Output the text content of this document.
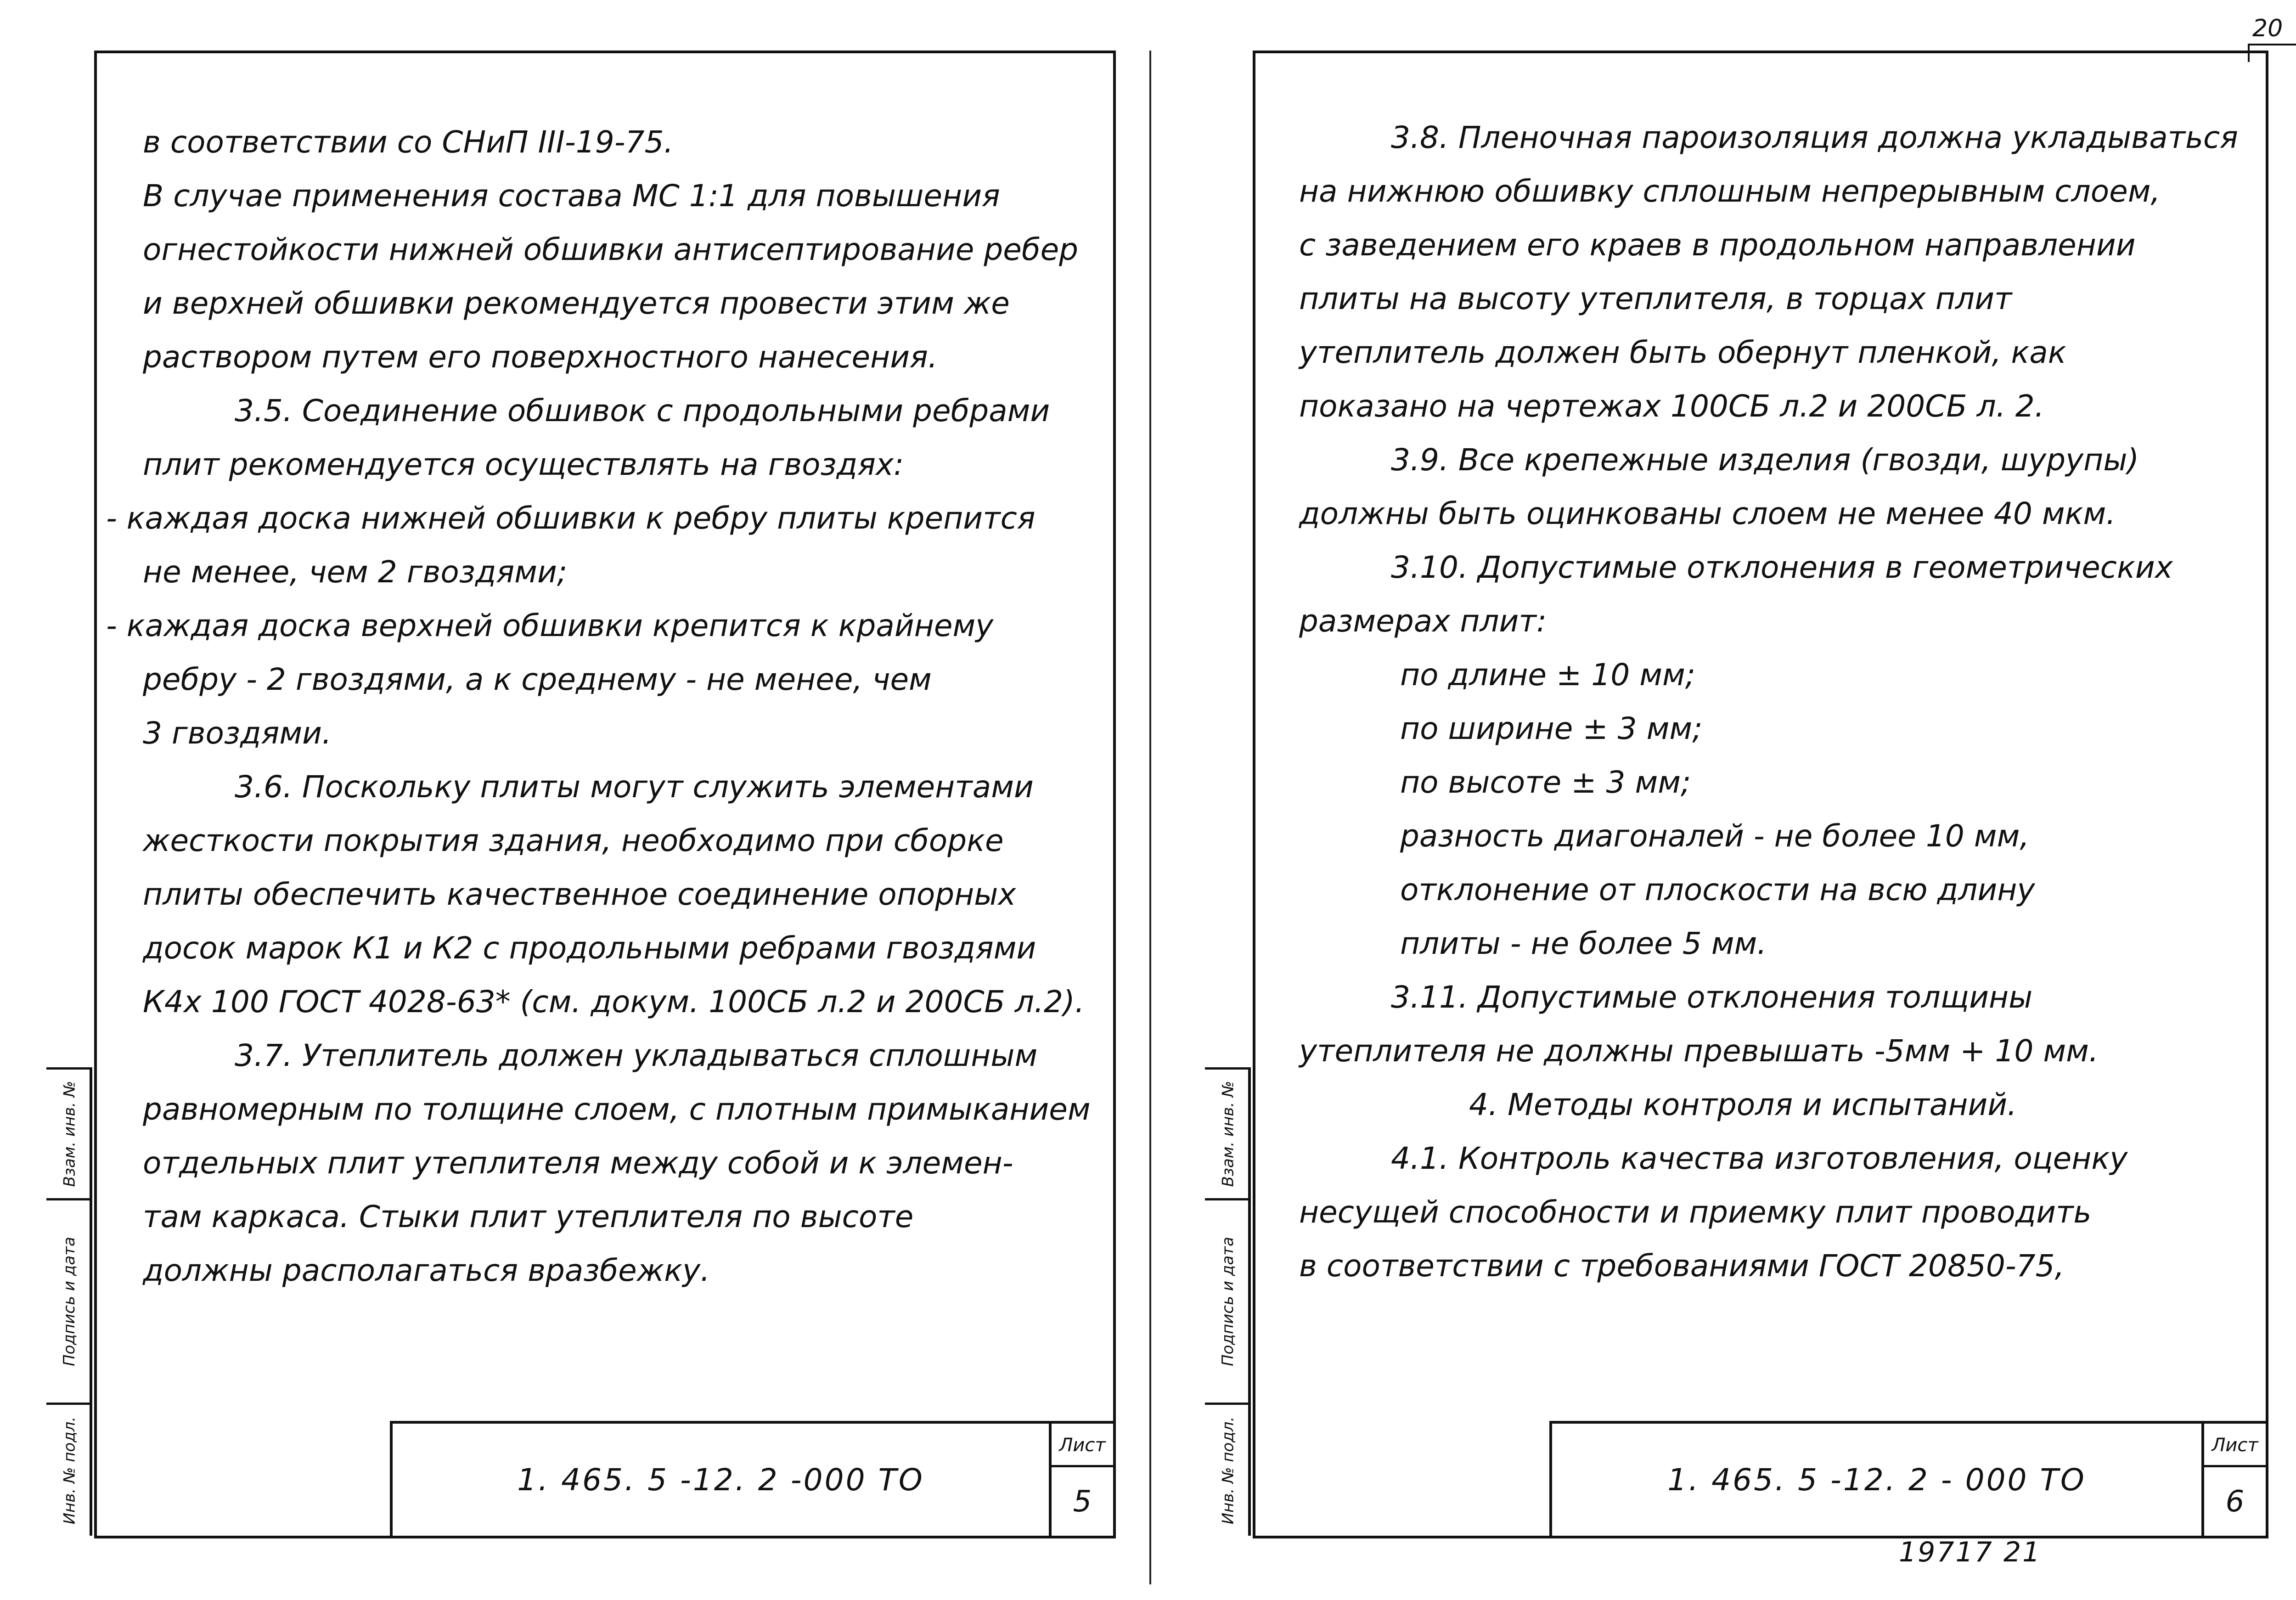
20
в соответствии со СНиП III-19-75.
В случае применения состава МС 1:1 для повышения
огнестойкости нижней обшивки антисептирование ребер
и верхней обшивки рекомендуется провести этим же
раствором путем его поверхностного нанесения.
3.5. Соединение обшивок с продольными ребрами
плит рекомендуется осуществлять на гвоздях:
- каждая доска нижней обшивки к ребру плиты крепится
не менее, чем 2 гвоздями;
- каждая доска верхней обшивки крепится к крайнему
ребру - 2 гвоздями, а к среднему - не менее, чем
3 гвоздями.
3.6. Поскольку плиты могут служить элементами
жесткости покрытия здания, необходимо при сборке
плиты обеспечить качественное соединение опорных
досок марок К1 и К2 с продольными ребрами гвоздями
К4х 100 ГОСТ 4028-63* (см. докум. 100СБ л.2 и 200СБ л.2).
3.7. Утеплитель должен укладываться сплошным
равномерным по толщине слоем, с плотным примыканием
отдельных плит утеплителя между собой и к элемен-
там каркаса. Стыки плит утеплителя по высоте
должны располагаться вразбежку.
Взам. инв. №
Подпись и дата
Инв. № подл.	1. 465. 5 -12. 2 -000 ТО
Лист
5
3.8. Пленочная пароизоляция должна укладываться
на нижнюю обшивку сплошным непрерывным слоем,
с заведением его краев в продольном направлении
плиты на высоту утеплителя, в торцах плит
утеплитель должен быть обернут пленкой, как
показано на чертежах 100СБ л.2 и 200СБ л. 2.
3.9. Все крепежные изделия (гвозди, шурупы)
должны быть оцинкованы слоем не менее 40 мкм.
3.10. Допустимые отклонения в геометрических
размерах плит:
по длине ± 10 мм;
по ширине ± 3 мм;
по высоте ± 3 мм;
разность диагоналей - не более 10 мм,
отклонение от плоскости на всю длину
плиты - не более 5 мм.
3.11. Допустимые отклонения толщины
утеплителя не должны превышать -5мм + 10 мм.
4. Методы контроля и испытаний.
4.1. Контроль качества изготовления, оценку
несущей способности и приемку плит проводить
в соответствии с требованиями ГОСТ 20850-75,
Взам. инв. №
Подпись и дата
Инв. № подл.	1. 465. 5 -12. 2 - 000 ТО
Лист
6
19717 21
